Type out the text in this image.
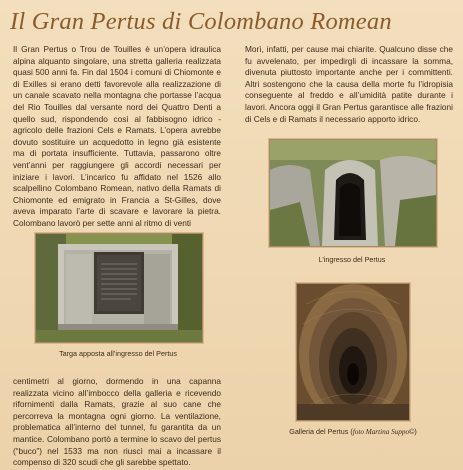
Il Gran Pertus di Colombano Romean
Il Gran Pertus o Trou de Touilles è un’opera idraulica alpina alquanto singolare, una stretta galleria realizzata quasi 500 anni fa. Fin dal 1504 i comuni di Chiomonte e di Exilles si erano detti favorevole alla realizzazione di un canale scavato nella montagna che portasse l’acqua del Rio Touilles dal versante nord dei Quattro Denti a quello sud, rispondendo così al fabbisogno idrico - agricolo delle frazioni Cels e Ramats. L’opera avrebbe dovuto sostituire un acquedotto in legno già esistente ma di portata insufficiente. Tuttavia, passarono oltre vent’anni per raggiungere gli accordi necessari per iniziare i lavori. L’incarico fu affidato nel 1526 allo scalpellino Colombano Romean, nativo della Ramats di Chiomonte ed emigrato in Francia a St-Gilles, dove aveva imparato l’arte di scavare e lavorare la pietra. Colombano lavorò per sette anni al ritmo di venti
Morì, infatti, per cause mai chiarite. Qualcuno disse che fu avvelenato, per impedirgli di incassare la somma, divenuta piuttosto importante anche per i committenti. Altri sostengono che la causa della morte fu l’idropisia conseguente al freddo e all’umidità patite durante i lavori. Ancora oggi il Gran Pertus garantisce alle frazioni di Cels e di Ramats il necessario apporto idrico.
Targa apposta all’ingresso del Pertus
L’ingresso del Pertus
Galleria del Pertus (foto Martina Suppo©)
centimetri al giorno, dormendo in una capanna realizzata vicino all’imbocco della galleria e ricevendo rifornimenti dalla Ramats, grazie al suo cane che percorreva la montagna ogni giorno. La ventilazione, problematica all’interno del tunnel, fu garantita da un mantice. Colombano portò a termine lo scavo del pertus (“buco”) nel 1533 ma non riuscì mai a incassare il compenso di 320 scudi che gli sarebbe spettato.
